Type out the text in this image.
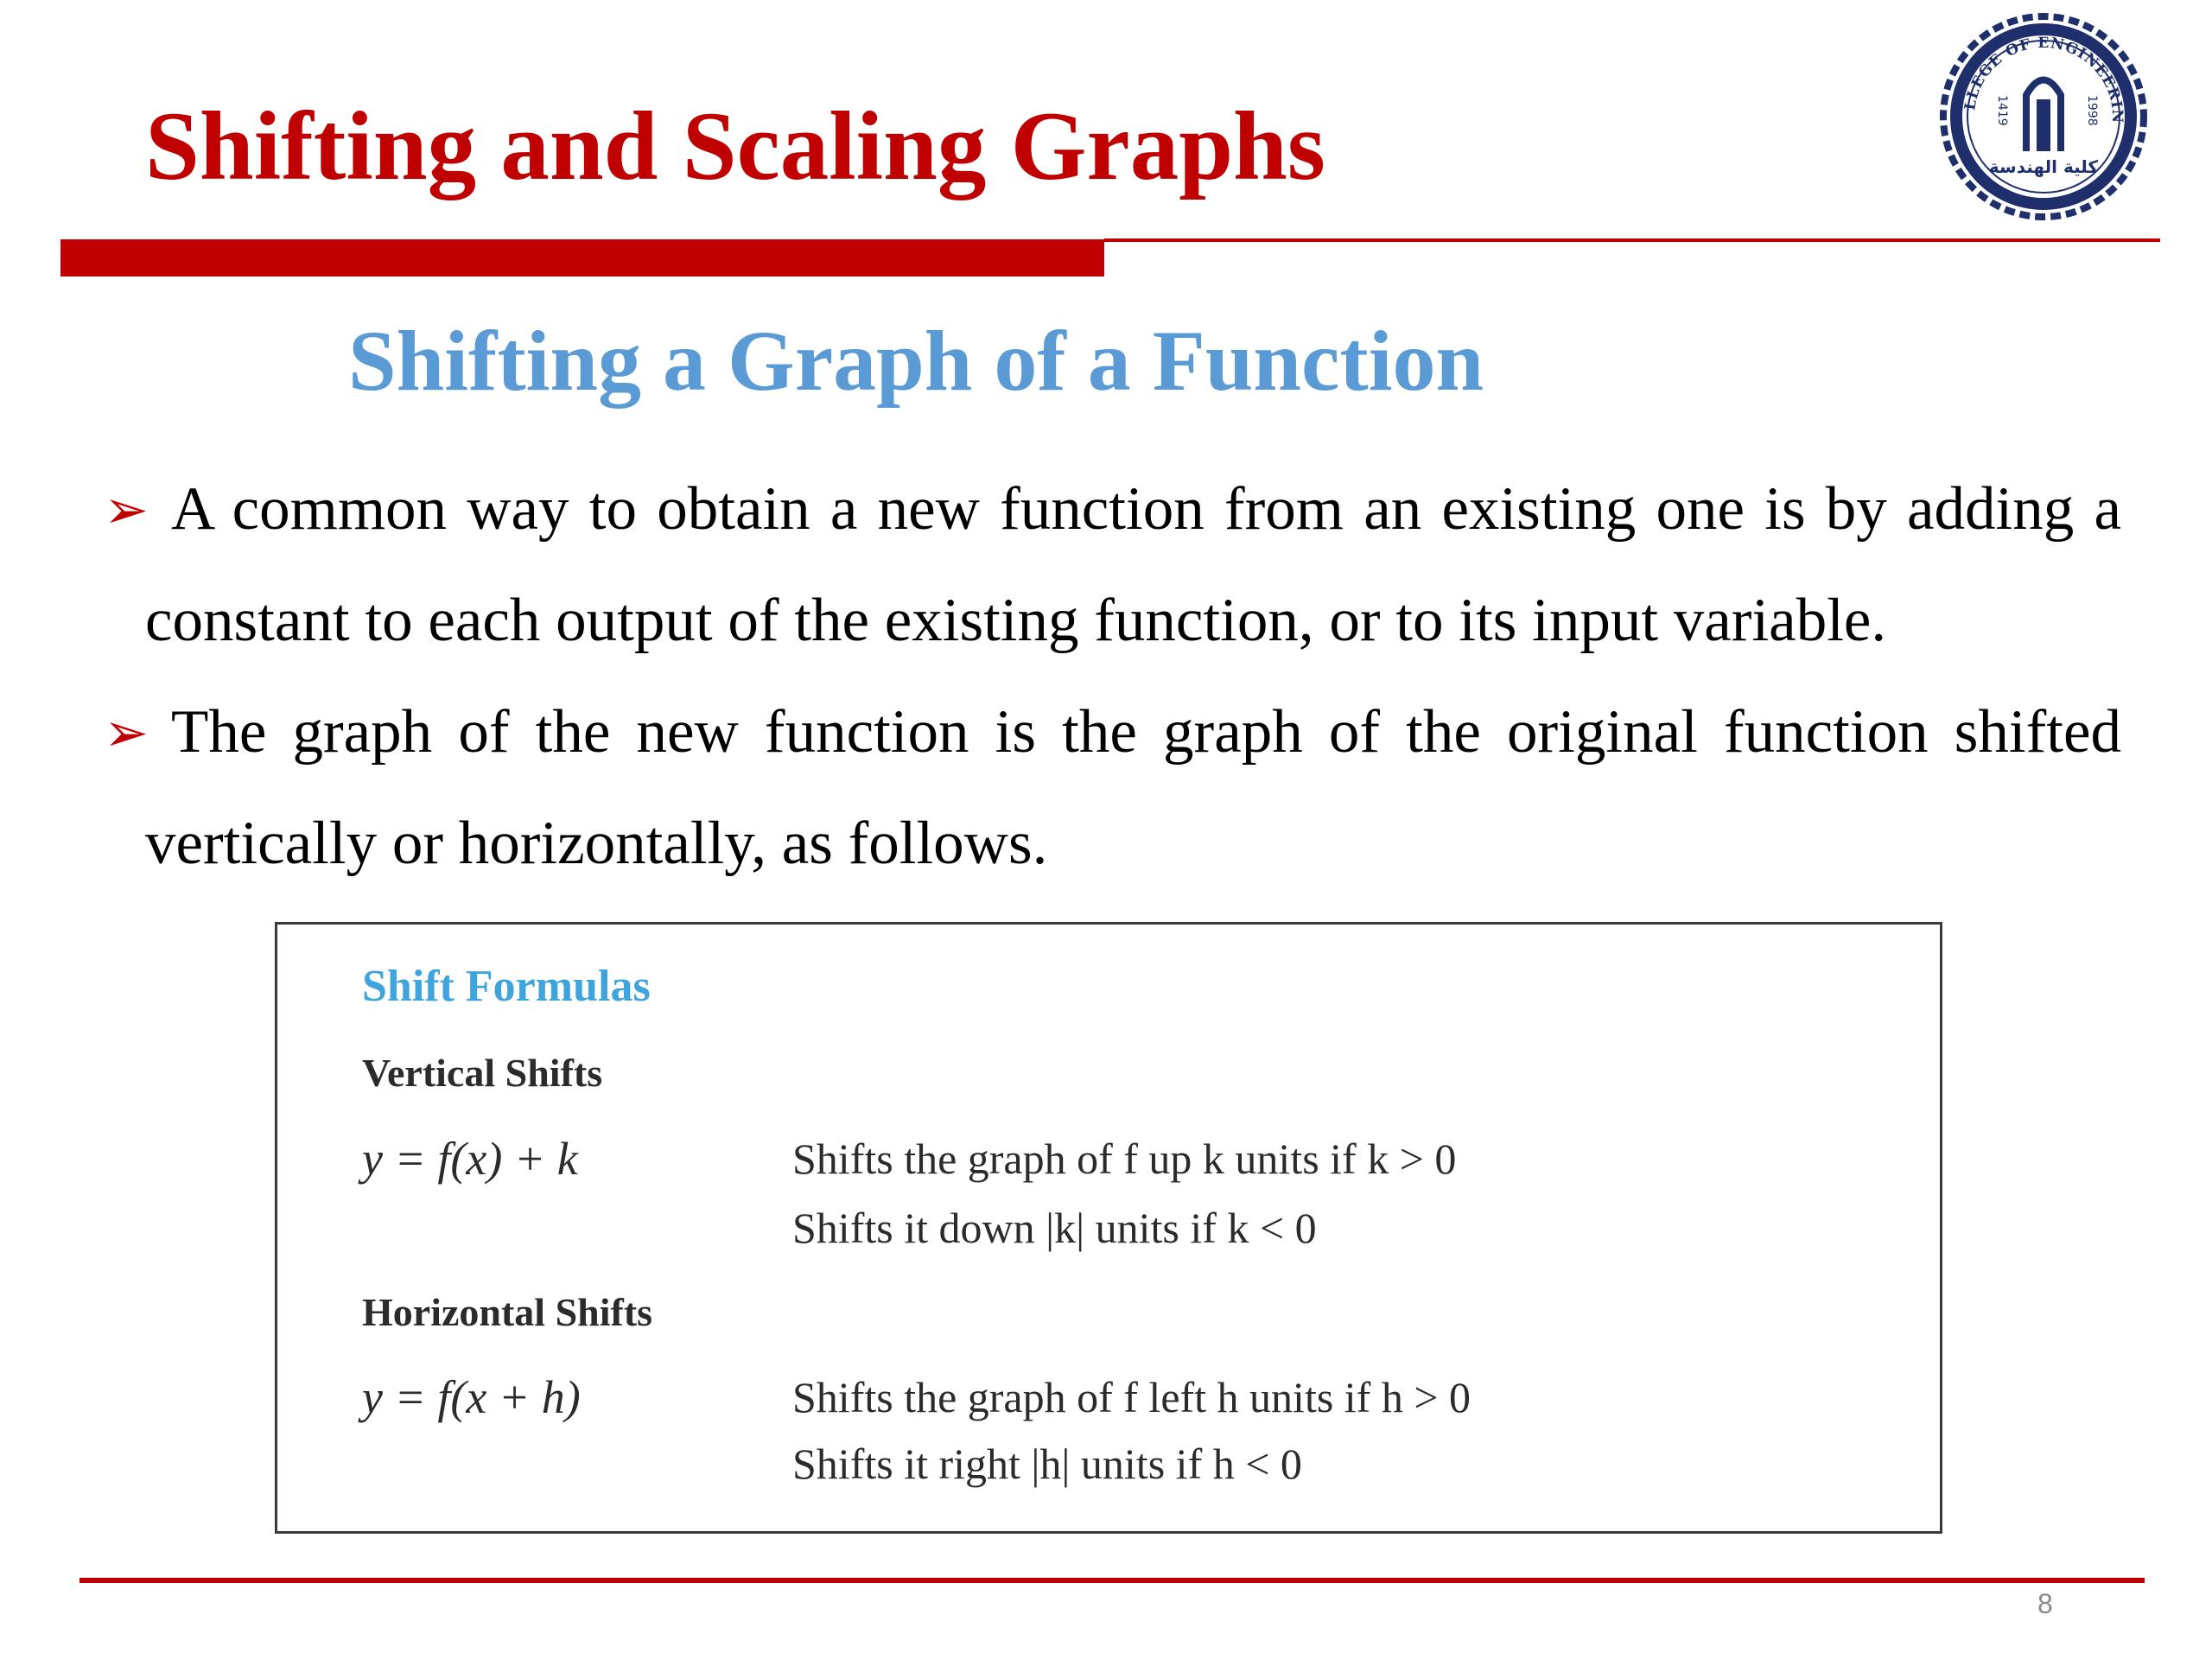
Shifting and Scaling Graphs	LLEGE OF ENGINEERIN
1419	1998
كلية الهندسة
Shifting a Graph of a Function
➢ A common way to obtain a new function from an existing one is by adding a constant to each output of the existing function, or to its input variable.
➢ The graph of the new function is the graph of the original function shifted vertically or horizontally, as follows.
Shift Formulas
Vertical Shifts
y = f(x) + k	Shifts the graph of f up k units if k > 0
Shifts it down |k| units if k < 0
Horizontal Shifts
y = f(x + h)	Shifts the graph of f left h units if h > 0
Shifts it right |h| units if h < 0
8
